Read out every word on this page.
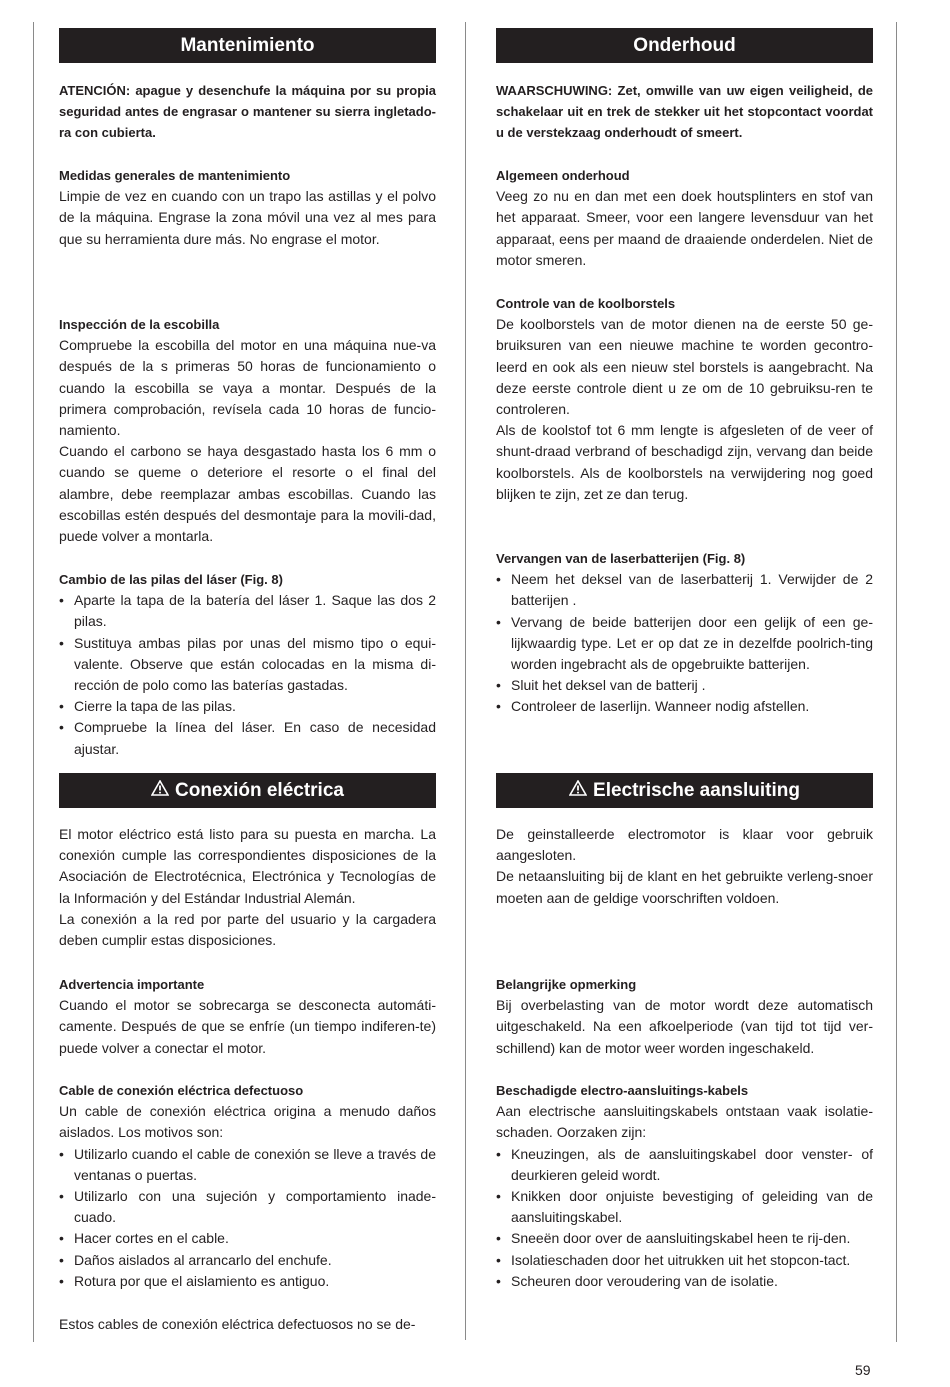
Mantenimiento

ATENCIÓN: apague y desenchufe la máquina por su propia seguridad antes de engrasar o mantener su sierra ingletado-ra con cubierta.

Medidas generales de mantenimiento

Limpie de vez en cuando con un trapo las astillas y el polvo de la máquina. Engrase la zona móvil una vez al mes para que su herramienta dure más. No engrase el motor.

Inspección de la escobilla

Compruebe la escobilla del motor en una máquina nue-va después de la s primeras 50 horas de funcionamiento o cuando la escobilla se vaya a montar. Después de la primera comprobación, revísela cada 10 horas de funcio-namiento.

Cuando el carbono se haya desgastado hasta los 6 mm o cuando se queme o deteriore el resorte o el final del alambre, debe reemplazar ambas escobillas. Cuando las escobillas estén después del desmontaje para la movili-dad, puede volver a montarla.

Cambio de las pilas del láser (Fig. 8)

• Aparte la tapa de la batería del láser 1. Saque las dos 2 pilas.
• Sustituya ambas pilas por unas del mismo tipo o equi-valente. Observe que están colocadas en la misma di-rección de polo como las baterías gastadas.
• Cierre la tapa de las pilas.
• Compruebe la línea del láser. En caso de necesidad ajustar.
Conexión eléctrica

El motor eléctrico está listo para su puesta en marcha. La conexión cumple las correspondientes disposiciones de la Asociación de Electrotécnica, Electrónica y Tecnologías de la Información y del Estándar Industrial Alemán.

La conexión a la red por parte del usuario y la cargadera deben cumplir estas disposiciones.

Advertencia importante

Cuando el motor se sobrecarga se desconecta automáti-camente. Después de que se enfríe (un tiempo indiferen-te) puede volver a conectar el motor.

Cable de conexión eléctrica defectuoso

Un cable de conexión eléctrica origina a menudo daños aislados. Los motivos son:

• Utilizarlo cuando el cable de conexión se lleve a través de ventanas o puertas.
• Utilizarlo con una sujeción y comportamiento inade-cuado.
• Hacer cortes en el cable.
• Daños aislados al arrancarlo del enchufe.
• Rotura por que el aislamiento es antiguo.

Estos cables de conexión eléctrica defectuosos no se de-

Onderhoud

WAARSCHUWING: Zet, omwille van uw eigen veiligheid, de schakelaar uit en trek de stekker uit het stopcontact voordat u de verstekzaag onderhoudt of smeert.

Algemeen onderhoud

Veeg zo nu en dan met een doek houtsplinters en stof van het apparaat. Smeer, voor een langere levensduur van het apparaat, eens per maand de draaiende onderdelen. Niet de motor smeren.

Controle van de koolborstels

De koolborstels van de motor dienen na de eerste 50 ge-bruiksuren van een nieuwe machine te worden gecontro-leerd en ook als een nieuw stel borstels is aangebracht. Na deze eerste controle dient u ze om de 10 gebruiksu-ren te controleren.

Als de koolstof tot 6 mm lengte is afgesleten of de veer of shunt-draad verbrand of beschadigd zijn, vervang dan beide koolborstels. Als de koolborstels na verwijdering nog goed blijken te zijn, zet ze dan terug.

Vervangen van de laserbatterijen (Fig. 8)

• Neem het deksel van de laserbatterij 1. Verwijder de 2 batterijen .
• Vervang de beide batterijen door een gelijk of een ge-lijkwaardig type. Let er op dat ze in dezelfde poolrich-ting worden ingebracht als de opgebruikte batterijen.
• Sluit het deksel van de batterij .
• Controleer de laserlijn. Wanneer nodig afstellen.
Electrische aansluiting

De geinstalleerde electromotor is klaar voor gebruik aangesloten.

De netaansluiting bij de klant en het gebruikte verleng-snoer moeten aan de geldige voorschriften voldoen.

Belangrijke opmerking

Bij overbelasting van de motor wordt deze automatisch uitgeschakeld. Na een afkoelperiode (van tijd tot tijd ver-schillend) kan de motor weer worden ingeschakeld.

Beschadigde electro-aansluitings-kabels

Aan electrische aansluitingskabels ontstaan vaak isolatie-schaden. Oorzaken zijn:

• Kneuzingen, als de aansluitingskabel door venster- of deurkieren geleid wordt.
• Knikken door onjuiste bevestiging of geleiding van de aansluitingskabel.
• Sneeën door over de aansluitingskabel heen te rij-den.
• Isolatieschaden door het uitrukken uit het stopcon-tact.
• Scheuren door veroudering van de isolatie.
59
